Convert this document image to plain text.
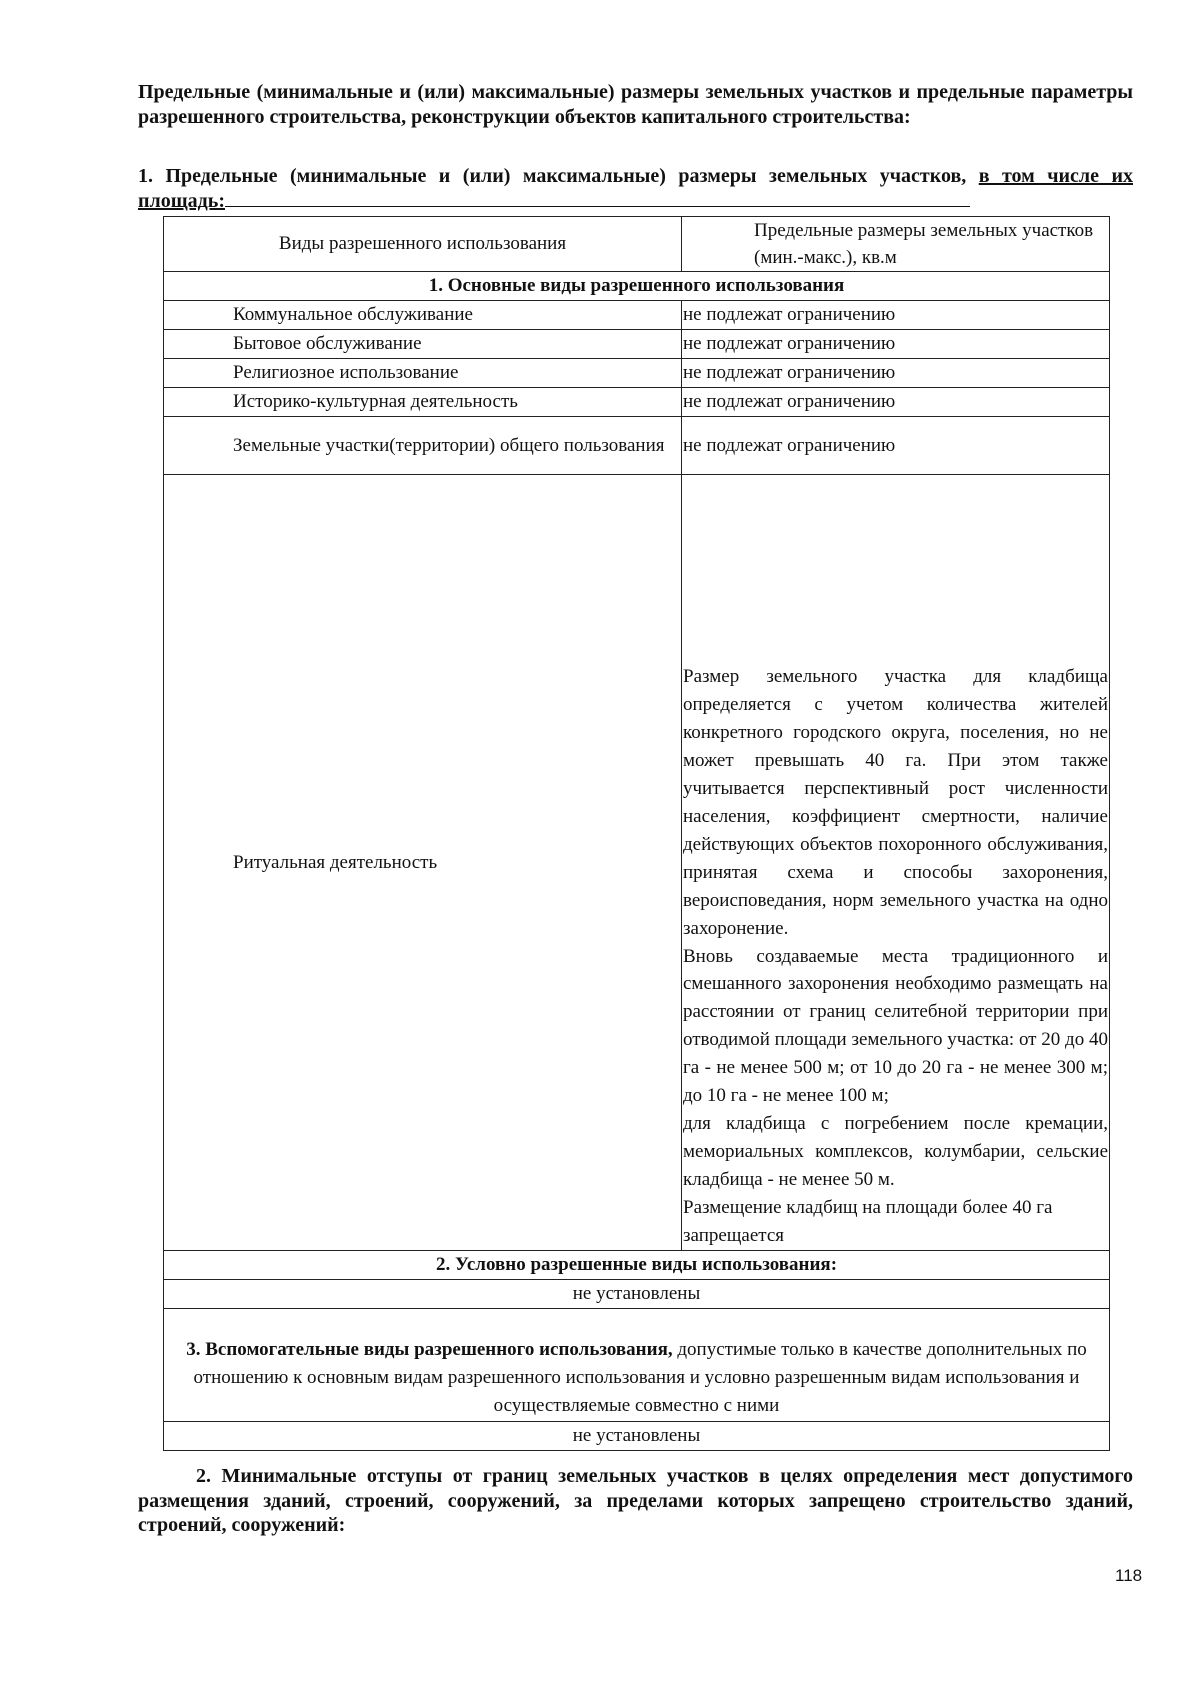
Предельные (минимальные и (или) максимальные) размеры земельных участков и предельные параметры разрешенного строительства, реконструкции объектов капитального строительства:
1. Предельные (минимальные и (или) максимальные) размеры земельных участков, в том числе их площадь:
Виды разрешенного использования	Предельные размеры земельных участков (мин.-макс.), кв.м
1. Основные виды разрешенного использования	
Коммунальное обслуживание	не подлежат ограничению
Бытовое обслуживание	не подлежат ограничению
Религиозное использование	не подлежат ограничению
Историко-культурная деятельность	не подлежат ограничению
Земельные участки(территории) общего пользования	не подлежат ограничению
Ритуальная деятельность	Размер земельного участка для кладбища определяется с учетом количества жителей конкретного городского округа, поселения, но не может превышать 40 га. При этом также учитывается перспективный рост численности населения, коэффициент смертности, наличие действующих объектов похоронного обслуживания, принятая схема и способы захоронения, вероисповедания, норм земельного участка на одно захоронение.
Вновь создаваемые места традиционного и смешанного захоронения необходимо размещать на расстоянии от границ селитебной территории при отводимой площади земельного участка: от 20 до 40 га - не менее 500 м; от 10 до 20 га - не менее 300 м; до 10 га - не менее 100 м;
для кладбища с погребением после кремации, мемориальных комплексов, колумбарии, сельские кладбища - не менее 50 м.
Размещение кладбищ на площади более 40 га запрещается

2. Условно разрешенные виды использования:	
не установлены	
3. Вспомогательные виды разрешенного использования, допустимые только в качестве дополнительных по отношению к основным видам разрешенного использования и условно разрешенным видам использования и осуществляемые совместно с ними	
не установлены	
2. Минимальные отступы от границ земельных участков в целях определения мест допустимого размещения зданий, строений, сооружений, за пределами которых запрещено строительство зданий, строений, сооружений:
118
